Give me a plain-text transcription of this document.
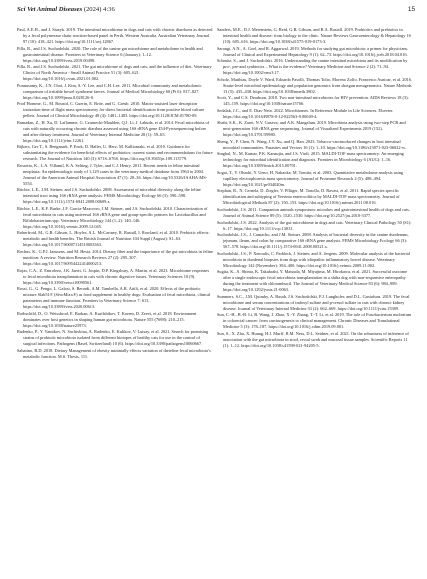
Sci Vet Animal Diseases (2024) 4:36	15

Paul, A.E.H., and J. Stazyk. 2019. The intestinal microbiome in dogs and cats with chronic diarrhoea as detected by a fecal polymerase chain reaction-based panel in Perth, Western Australia. Australian Veterinary Journal 97 (10): 418–421. https://doi.org/10.1111/avj.12867.

Pilla, R., and J.S. Suchodolski. 2020. The role of the canine gut microbiome and metabolome in health and gastrointestinal disease. Frontiers in Veterinary Science 6 (January): 1–12. https://doi.org/10.3389/fvets.2019.00498.

Pilla, R., and J.S. Suchodolski. 2021. The gut microbiome of dogs and cats, and the influence of diet. Veterinary Clinics of North America - Small Animal Practice 51 (3): 605–621. https://doi.org/10.1016/j.cvsm.2021.01.002.

Ponnusamy, K., J.N. Choi, J. Kim, S.-Y. Lee, and C.H. Lee. 2011. Microbial community and metabolomic comparison of irritable bowel syndrome faeces. Journal of Medical Microbiology 60 (Pt 6): 817–827. https://doi.org/10.1099/jmm.0.028126-0.

Prod’Homme, G., M. Bouzid, C. Guerin, E. Brite, and G. Greub. 2010. Matrix-assisted laser desorption ionization-time of flight mass spectrometry for direct bacterial identification from positive blood culture pellets. Journal of Clinical Microbiology 48 (4): 1481–1483. https://doi.org/10.1128/JCM.01780-09.

Ramadan, Z., H. Xu, D. Laflamme, G. Czarnecki-Maulden, Q.J. Li, J. Labuda, et al. 2014. Fecal microbiota of cats with naturally occurring chronic diarrhea assessed using 16S rRNA gene 454-Pyrosequencing before and after dietary treatment. Journal of Veterinary Internal Medicine 28 (1): 59–65. https://doi.org/10.1111/jvim.12261.

Rijkers, Ger T., S. Bengmark, P. Enck, D. Haller, U. Herz, M. Kalliomaki, et al. 2010. Guidance for substantiating the evidence for beneficial effects of probiotics: current status and recommendations for future research. The Journal of Nutrition 140 (3): 671S–676S. https://doi.org/10.3945/jn.109.113779.

Rossetto, K., L.A. Villamil, K.A. Selting, J. Tyler, and C.J. Henry. 2011. Recent trends in feline intestinal neoplasia: An epidemiologic study of 1,129 cases in the veterinary medical database from 1964 to 2004. Journal of the American Animal Hospital Association 47 (1): 28–36. https://doi.org/10.5326/JAAHA-MS-5554.

Ritchie, L.E., J.M. Steiner, and J.S. Suchodolski. 2008. Assessment of microbial diversity along the feline intestinal tract using 16S rRNA gene analysis. FEMS Microbiology Ecology 66 (3): 590–598. https://doi.org/10.1111/j.1574-6941.2008.00609.x.

Ritchie, L.E., K.F. Burke, J.F. Garcia-Mazcorro, J.M. Steiner, and J.S. Suchodolski. 2010. Characterization of fecal microbiota in cats using universal 16S rRNA gene and group-specific primers for Lactobacillus and Bifidobacterium spp. Veterinary Microbiology 144 (1–2): 140–146. https://doi.org/10.1016/j.vetmic.2009.12.045.

Roberfroid, M., G.R. Gibson, L. Hoyles, A.L. McCartney, R. Rastall, I. Rowland, et al. 2010. Prebiotic effects: metabolic and health benefits. The British Journal of Nutrition 104 Suppl (August): S1–63. https://doi.org/10.1017/S0007114510003363.

Rochus, K., G.P.J. Janssens, and M. Hesta. 2014. Dietary fiber and the importance of the gut microbiota in feline nutrition: A review. Nutrition Research Reviews 27 (2): 295–307. https://doi.org/10.1017/S0954422414000213.

Rojas, C.A., Z. Entrolezo, J.K. Jarett, G. Jospin, D.P. Kingsbury, A. Martin, et al. 2023. Microbiome responses to fecal microbiota transplantation in cats with chronic digestive issues. Veterinary Sciences 10 (9). https://doi.org/10.3390/vetsci10090561.

Rossi, G., G. Pengo, L. Galosi, S. Berardi, A.M. Tambella, A.R. Attili, et al. 2020. Effects of the probiotic mixture Slab51® (SivoMixx®) as food supplement in healthy dogs: Evaluation of fecal microbiota, clinical parameters and immune function. Frontiers in Veterinary Science 7: 613. https://doi.org/10.3389/fvets.2020.00613.

Rothschild, D., O. Weissbrod, E. Barkan, A. Kurilshikov, T. Korem, D. Zeevi, et al. 2018. Environment dominates over host genetics in shaping human gut microbiota. Nature 555 (7698): 210–215. https://doi.org/10.1038/nature25973.

Rudenko, P., Y. Vatnikov, N. Sachivkina, A. Rudenko, E. Kulikov, V. Lutsay, et al. 2021. Search for promising strains of probiotic microbiota isolated from different biotopes of healthy cats for use in the control of surgical infections. Pathogens (Basel, Switzerland) 10 (6). https://doi.org/10.3390/pathogens10060667.

Sabatino, B.D. 2018. Dietary Management of obesity minimally effects variation of theteline fecal microbiota’s metabolic function. M.S. Thesis. 111.

Sanders, M.E., D.J. Merenstein, G. Reid, G.R. Gibson, and R.A. Rastall. 2019. Probiotics and prebiotics in intestinal health and disease: from biology to the clinic. Nature Reviews Gastroenterology & Hepatology 16 (10): 605–616. https://doi.org/10.1038/s41575-019-0173-3.

Sarangi, A.N., A. Goel, and R. Aggarwal. 2019. Methods for studying gut microbiota: a primer for physicians. Journal of Clinical and Experimental Hepatology 9 (1): 62–73. https://doi.org/10.1016/j.jceh.2018.04.016.

Schmitz, S., and J. Suchodolski. 2016. Understanding the canine intestinal microbiota and its modification by pro-, pre-and synbiotics – What is the evidence? Veterinary Medicine and Science 2 (2): 71–94. https://doi.org/10.1002/vms3.17.

Scholz, Matthias, Doyle V. Ward, Edoardo Pasolli, Thomas Tolio, Moreno Zolfo, Francesco Asnicar, et al. 2016. Strain-level microbial epidemiology and population genomics from shotgun metagenomics. Nature Methods 13 (5): 435–438. https://doi.org/10.1038/nmeth.3802.

Scott, Y., and C.S. Dearborn. 2018. Two non-intestinal microbiotes for HIV prevention. AIDS Reviews 18 (3): 145–159. https://doi.org/10.1038/nature15766.

Sedalak, J.C., and E. Dias-Neto. 2022. Microbiomes. In Reference Module in Life Sciences. Elsevier. https://doi.org/10.1016/B978-0-12-822563-9.00049-4.

Shahi, S.K., K. Zarei, N.V. Guseva, and A.K. Mangalam. 2019. Microbiota analysis using two-step PCR and next-generation 16S rRNA gene sequencing. Journal of Visualized Experiments 2019 (152). https://doi.org/10.3791/59980.

Sheng, Y., F. Chen, N. Wang, J.Y. Xu, and Q. Han. 2023. Tobacco-carcinoduced changes in host intestinal microbial communities. Parasites and Vectors 16 (1): 1–10. https://doi.org/10.1186/s13071-023-06022-w.

Singhal, N., M. Kumar, P.K. Kanaujia, and J.S. Virdi. 2015. MALDI-TOF mass spectrometry: An emerging technology for microbial identification and diagnosis. Frontiers in Microbiology 6 (AUG): 1–16. https://doi.org/10.3389/fmicb.2015.00791.

Sogai, T., Y. Ohashi, Y. Ueno, H. Nakaoka, M. Tomita, et al. 2003. Quantitative metabolome analysis using capillary electrophoresis mass spectrometry. Journal of Proteome Research 2 (5): 488–494. https://doi.org/10.1021/pr034020m.

Stephan, R., N. Cernela, D. Ziegler, V. Pflüger, M. Tonolla, D. Ravasi, et al. 2011. Rapid species specific identification and subtyping of Yersinia enterocolitica by MALDI-TOF mass spectrometry. Journal of Microbiological Methods 87 (2): 150–153. https://doi.org/10.1016/j.mimet.2011.08.016.

Suchodolski, J.S. 2011. Companion animals symposium: microbes and gastrointestinal health of dogs and cats. Journal of Animal Science 89 (5): 1520–1530. https://doi.org/10.2527/jas.2010-3377.

Suchodolski, J.S. 2022. Analysis of the gut microbiome in dogs and cats. Veterinary Clinical Pathology 50 (S1): 6–17. https://doi.org/10.1111/vcp.13031.

Suchodolski, J.S., J. Camacho, and J.M. Steiner. 2008. Analysis of bacterial diversity in the canine duodenum, jejunum, ileum, and colon by comparative 16S rRNA gene analysis. FEMS Microbiology Ecology 66 (3): 567–578. https://doi.org/10.1111/j.1574-6941.2008.00521.x.

Suchodolski, J.S., P. Xenoulis, C. Paddock, J. Steiner, and A. Jergens. 2009. Molecular analysis of the bacterial microbiota in duodenal biopsies from dogs with idiopathic inflammatory bowel disease. Veterinary Microbiology 142 (November): 394–400. https://doi.org/10.1016/j.vetmic.2009.11.002.

Sugita, K., A. Shima, K. Takahashi, Y. Matsuda, M. Miyajima, M. Hirokawa, et al. 2021. Successful outcome after a single endoscopic fecal microbiota transplantation in a shiba dog with non-responsive enteropathy during the treatment with chlorambucil. The Journal of Veterinary Medical Science 83 (6): 984–989. https://doi.org/10.1292/jvms.21-0063.

Summers, S.C., J.M. Quimby, A. Basah, J.S. Suchodolski, P.J. Lunghofer, and D.L. Gustafson. 2019. The fecal microbiome and serum concentrations of indoxyl sulfate and p-cresol sulfate in cats with chronic kidney disease. Journal of Veterinary Internal Medicine 33 (2): 662–669. https://doi.org/10.1111/jvim.15389.

Sun, C.-H., B.-B. Li, B. Wang, J. Zhao, X.-Y. Zhang, T.-T. Li, et al. 2019. The role of Fusobacterium nucleatum in colorectal cancer: from carcinogenesis to clinical management. Chronic Diseases and Translational Medicine 5 (3): 178–187. https://doi.org/10.1016/j.cdtm.2019.09.001.

Sun, S., X. Zhu, X. Huang, H.J. Murff, R.M. Ness, D.L. Seidner, et al. 2021. On the robustness of inference of association with the gut microbiota in stool, rectal swab and mucosal tissue samples. Scientific Reports 11 (1): 1–12. https://doi.org/10.1038/s41598-021-94205-5.
